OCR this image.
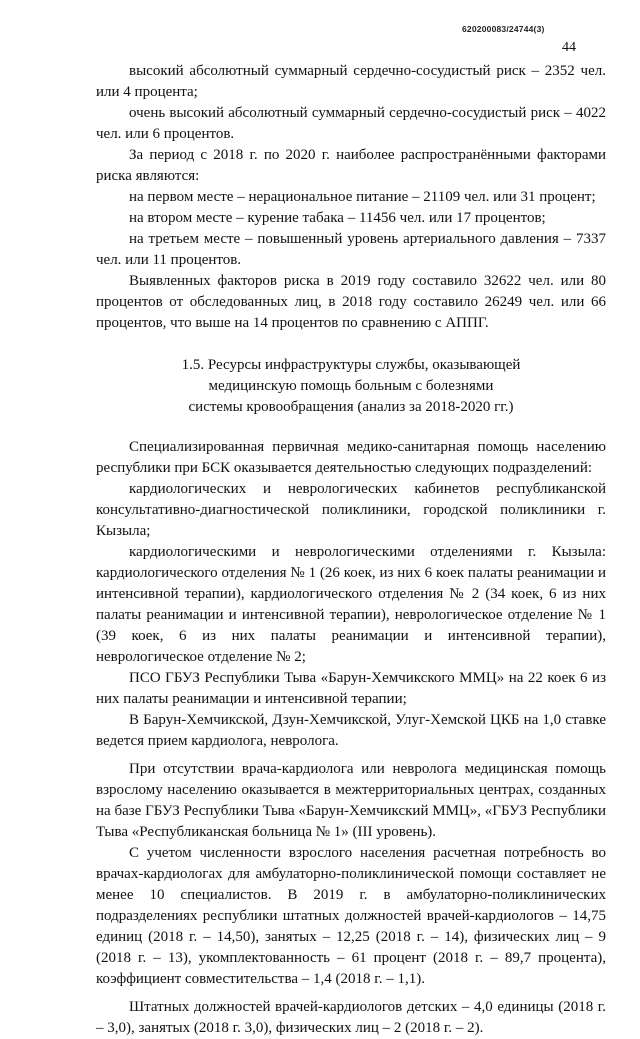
620200083/24744(3)
44

высокий абсолютный суммарный сердечно-сосудистый риск – 2352 чел. или 4 процента;

очень высокий абсолютный суммарный сердечно-сосудистый риск – 4022 чел. или 6 процентов.

За период с 2018 г. по 2020 г. наиболее распространёнными факторами риска являются:

на первом месте – нерациональное питание – 21109 чел. или 31 процент;

на втором месте – курение табака – 11456 чел. или 17 процентов;

на третьем месте – повышенный уровень артериального давления – 7337 чел. или 11 процентов.

Выявленных факторов риска в 2019 году составило 32622 чел. или 80 процентов от обследованных лиц, в 2018 году составило 26249 чел. или 66 процентов, что выше на 14 процентов по сравнению с АППГ.

1.5. Ресурсы инфраструктуры службы, оказывающей
медицинскую помощь больным с болезнями
системы кровообращения (анализ за 2018-2020 гг.)

Специализированная первичная медико-санитарная помощь населению республики при БСК оказывается деятельностью следующих подразделений:

кардиологических и неврологических кабинетов республиканской консультативно-диагностической поликлиники, городской поликлиники г. Кызыла;

кардиологическими и неврологическими отделениями г. Кызыла: кардиологического отделения № 1 (26 коек, из них 6 коек палаты реанимации и интенсивной терапии), кардиологического отделения № 2 (34 коек, 6 из них палаты реанимации и интенсивной терапии), неврологическое отделение № 1 (39 коек, 6 из них палаты реанимации и интенсивной терапии), неврологическое отделение № 2;

ПСО ГБУЗ Республики Тыва «Барун-Хемчикского ММЦ» на 22 коек 6 из них палаты реанимации и интенсивной терапии;

В Барун-Хемчикской, Дзун-Хемчикской, Улуг-Хемской ЦКБ на 1,0 ставке ведется прием кардиолога, невролога.

При отсутствии врача-кардиолога или невролога медицинская помощь взрослому населению оказывается в межтерриториальных центрах, созданных на базе ГБУЗ Республики Тыва «Барун-Хемчикский ММЦ», «ГБУЗ Республики Тыва «Республиканская больница № 1» (III уровень).

С учетом численности взрослого населения расчетная потребность во врачах-кардиологах для амбулаторно-поликлинической помощи составляет не менее 10 специалистов. В 2019 г. в амбулаторно-поликлинических подразделениях республики штатных должностей врачей-кардиологов – 14,75 единиц (2018 г. – 14,50), занятых – 12,25 (2018 г. – 14), физических лиц – 9 (2018 г. – 13), укомплектованность – 61 процент (2018 г. – 89,7 процента), коэффициент совместительства – 1,4 (2018 г. – 1,1).

Штатных должностей врачей-кардиологов детских – 4,0 единицы (2018 г. – 3,0), занятых (2018 г. 3,0), физических лиц – 2 (2018 г. – 2).
